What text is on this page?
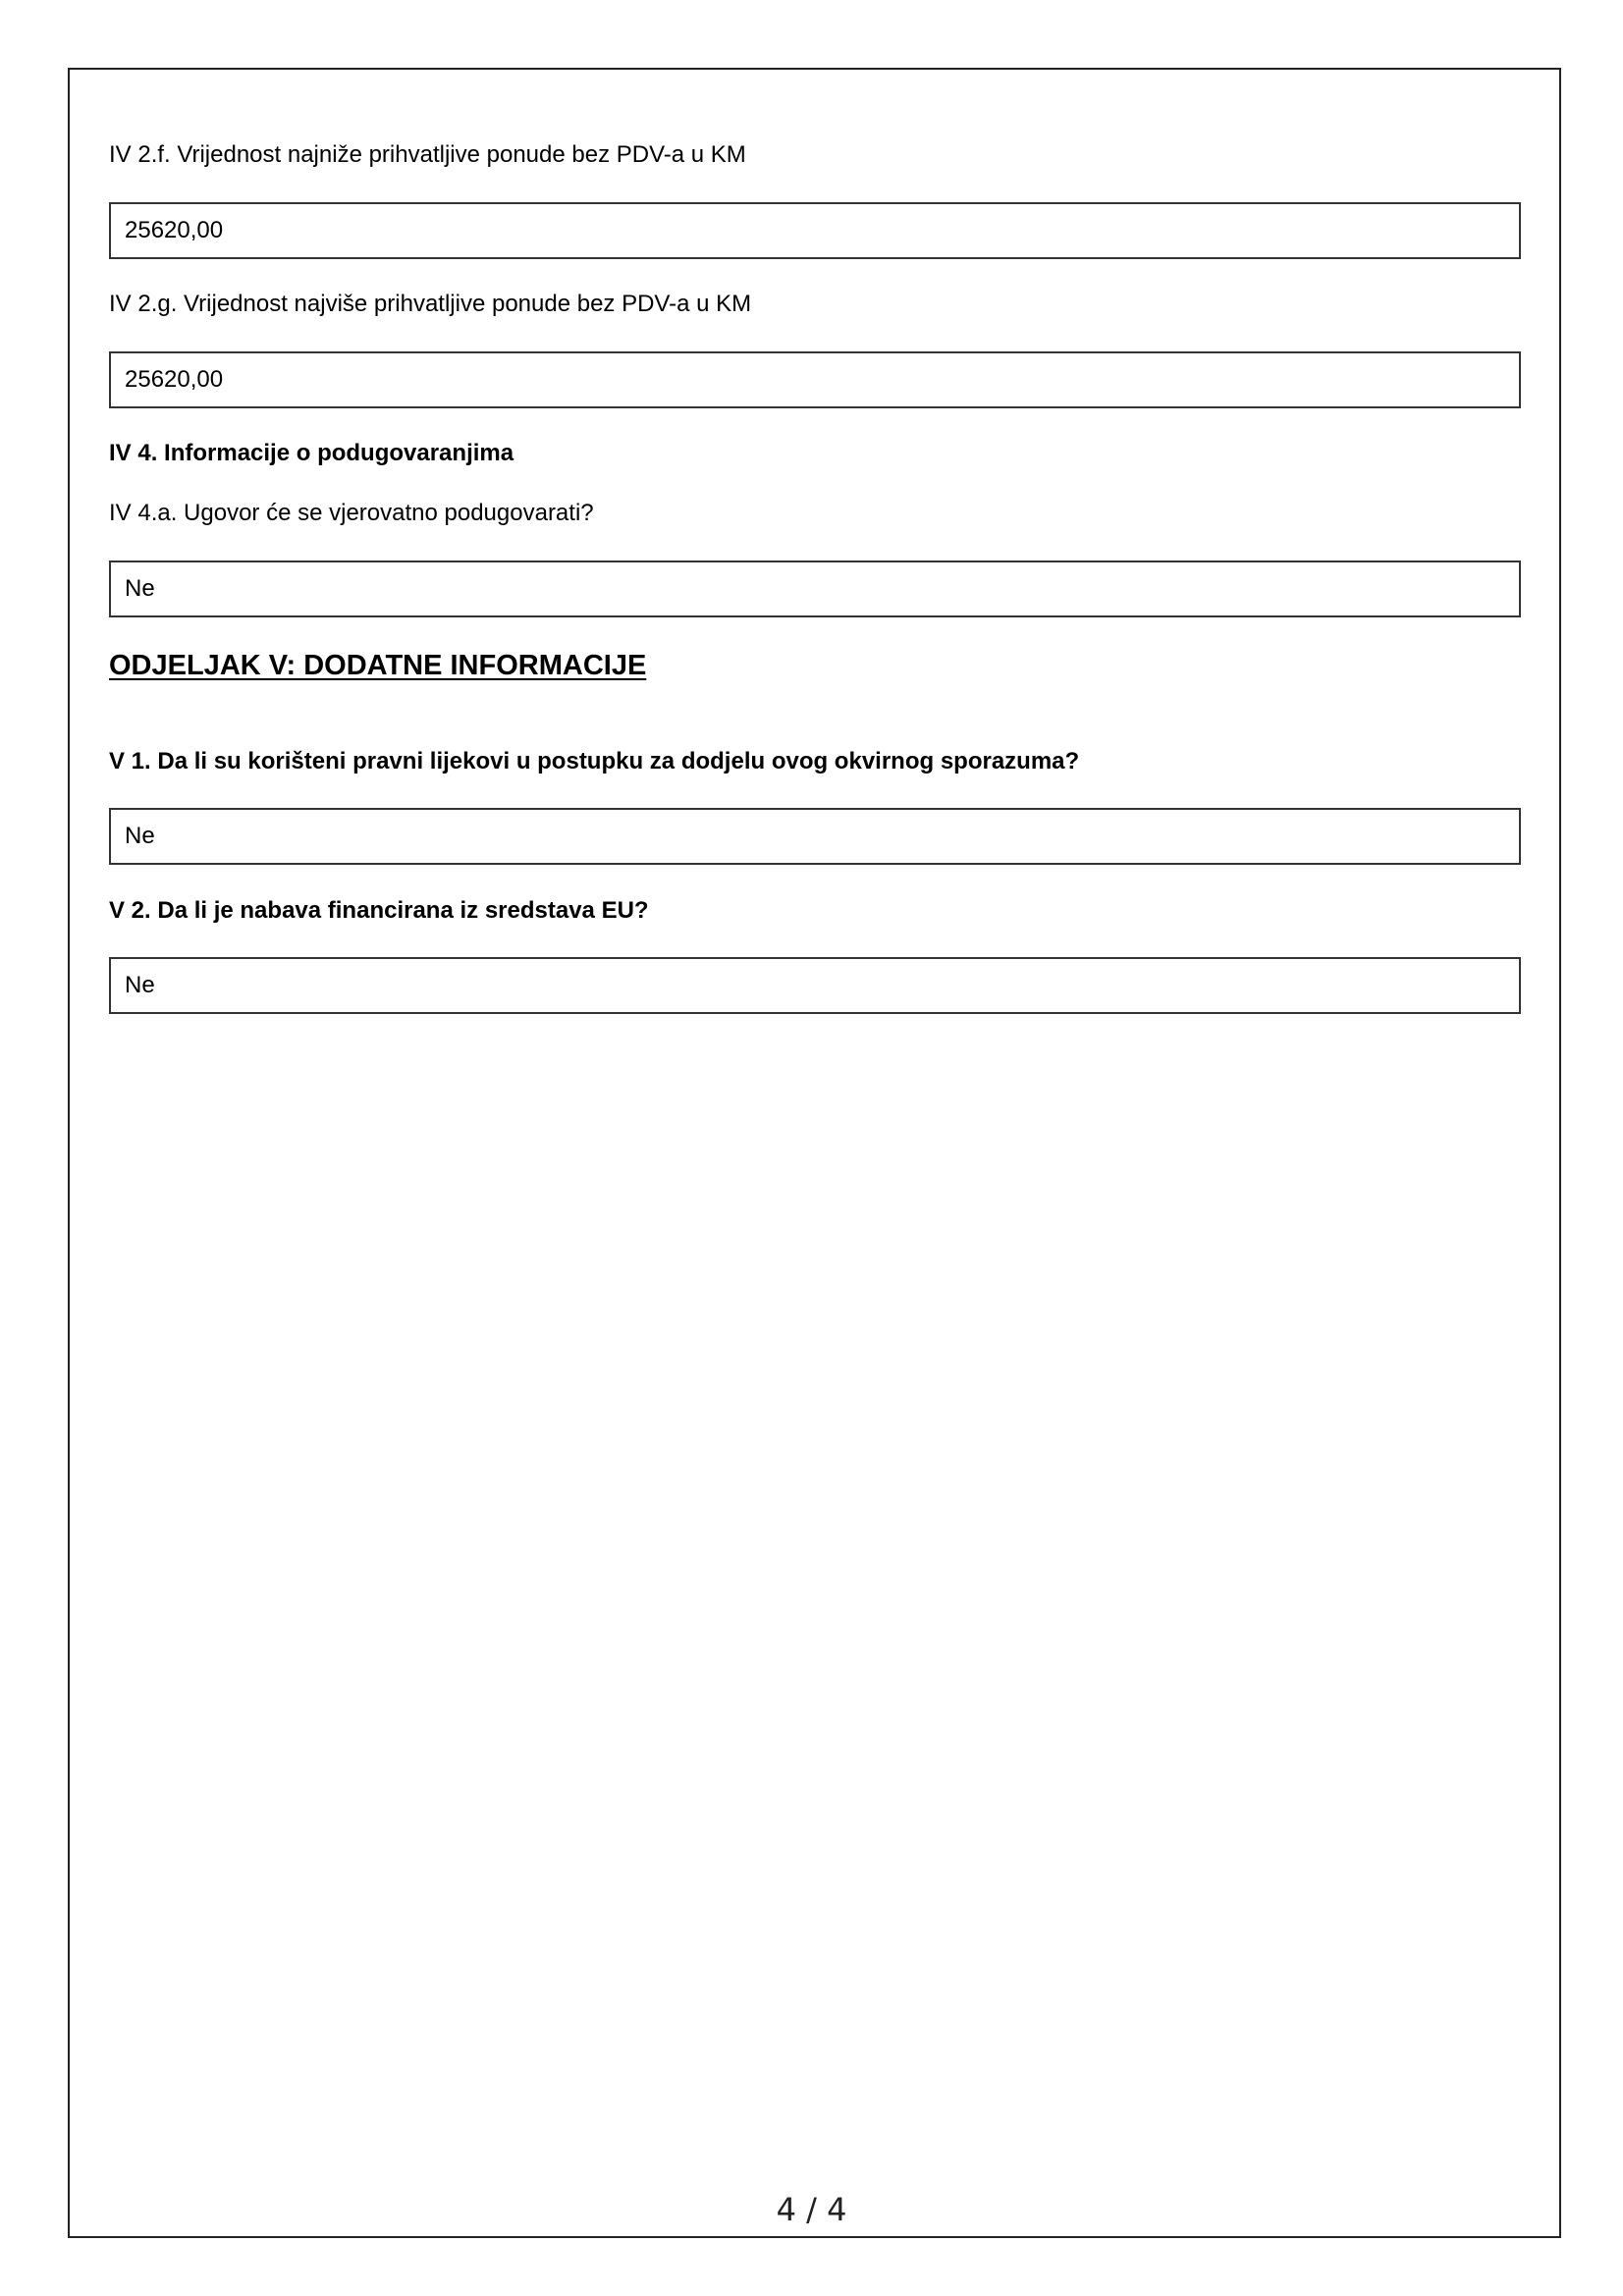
IV 2.f. Vrijednost najniže prihvatljive ponude bez PDV-a u KM
25620,00
IV 2.g. Vrijednost najviše prihvatljive ponude bez PDV-a u KM
25620,00
IV 4. Informacije o podugovaranjima
IV 4.a. Ugovor će se vjerovatno podugovarati?
Ne
ODJELJAK V: DODATNE INFORMACIJE
V 1. Da li su korišteni pravni lijekovi u postupku za dodjelu ovog okvirnog sporazuma?
Ne
V 2. Da li je nabava financirana iz sredstava EU?
Ne
4 / 4
